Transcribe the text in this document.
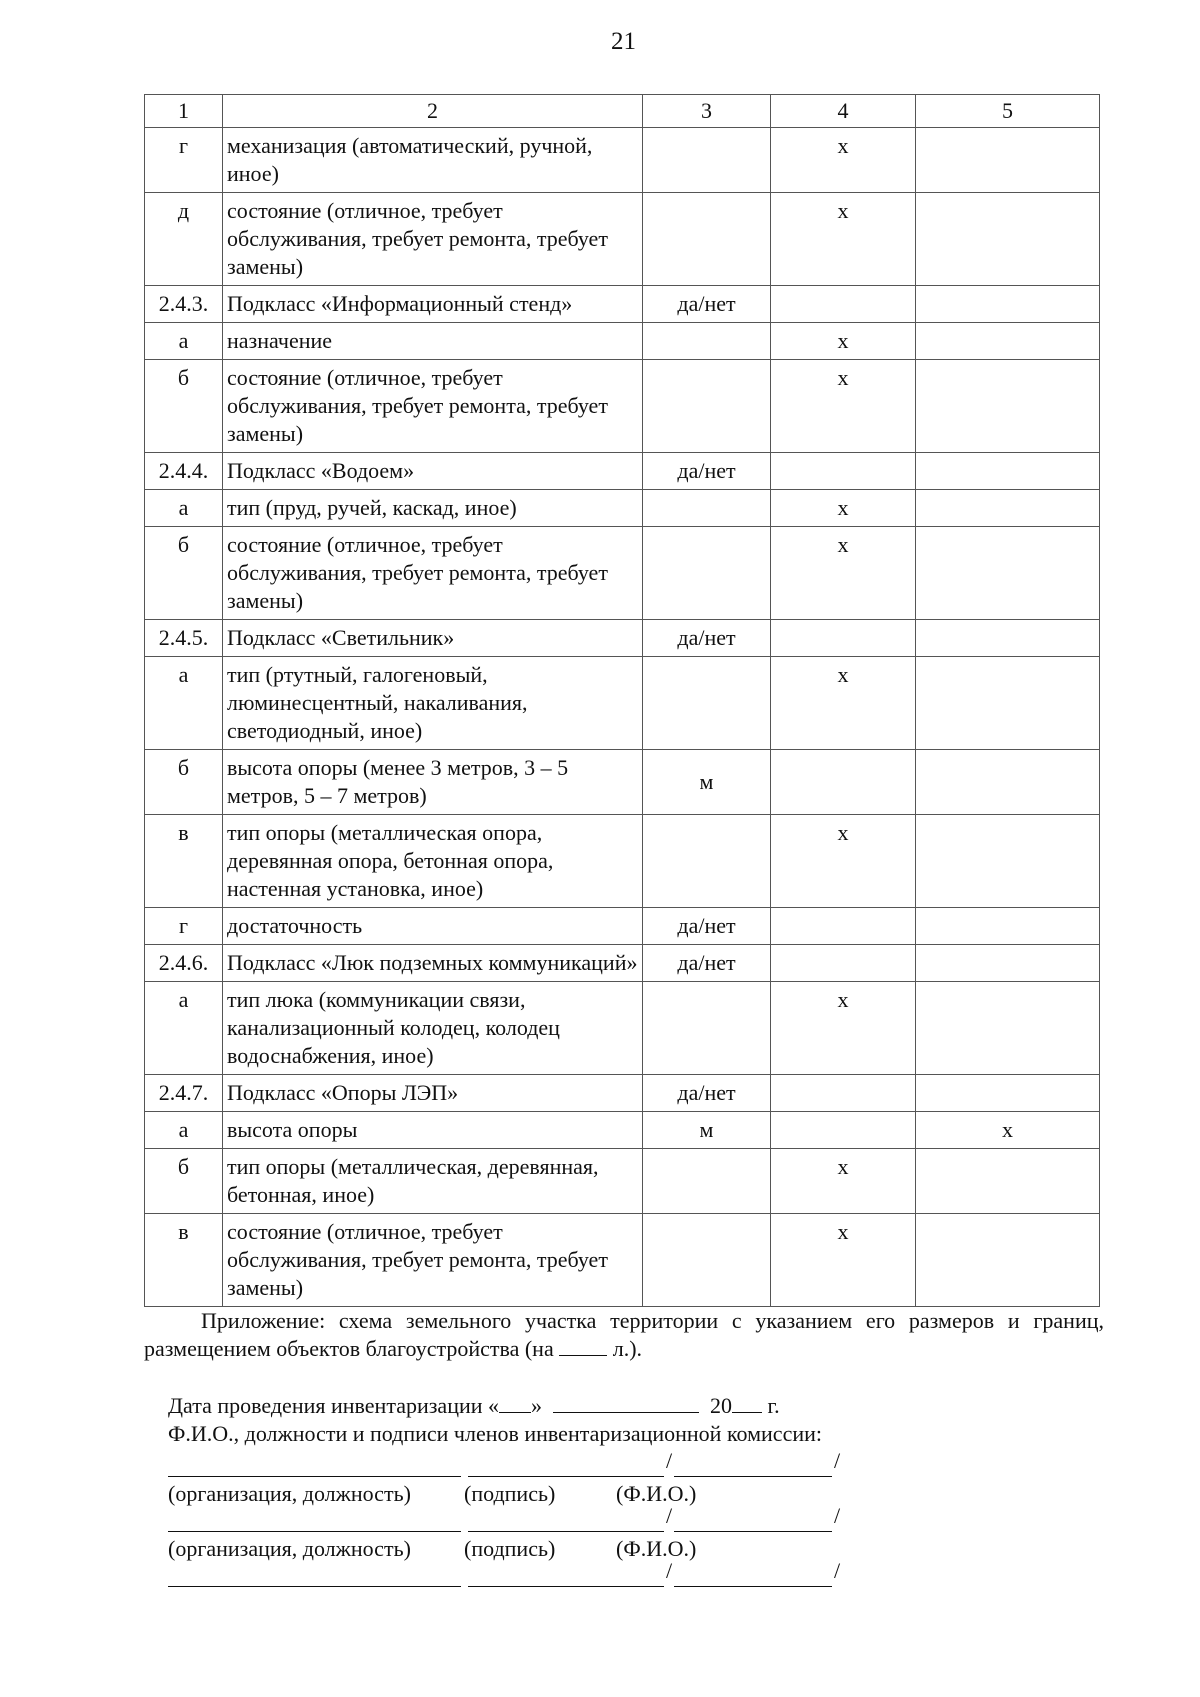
21
1	2	3	4	5
г	механизация (автоматический, ручной, иное)		х	
д	состояние (отличное, требует обслуживания, требует ремонта, требует замены)		х	
2.4.3.	Подкласс «Информационный стенд»	да/нет		
а	назначение		х	
б	состояние (отличное, требует обслуживания, требует ремонта, требует замены)		х	
2.4.4.	Подкласс «Водоем»	да/нет		
а	тип (пруд, ручей, каскад, иное)		х	
б	состояние (отличное, требует обслуживания, требует ремонта, требует замены)		х	
2.4.5.	Подкласс «Светильник»	да/нет		
а	тип (ртутный, галогеновый, люминесцентный, накаливания, светодиодный, иное)		х	
б	высота опоры (менее 3 метров, 3 – 5 метров, 5 – 7 метров)	м		
в	тип опоры (металлическая опора, деревянная опора, бетонная опора, настенная установка, иное)		х	
г	достаточность	да/нет		
2.4.6.	Подкласс «Люк подземных коммуникаций»	да/нет		
а	тип люка (коммуникации связи, канализационный колодец, колодец водоснабжения, иное)		х	
2.4.7.	Подкласс «Опоры ЛЭП»	да/нет		
а	высота опоры	м		х
б	тип опоры (металлическая, деревянная, бетонная, иное)		х	
в	состояние (отличное, требует обслуживания, требует ремонта, требует замены)		х	
Приложение: схема земельного участка территории с указанием его размеров и границ, размещением объектов благоустройства (на  л.).
Дата проведения инвентаризации « »	20 г.
Ф.И.О., должности и подписи членов инвентаризационной комиссии:
/	/
(организация, должность) (подпись)	(Ф.И.О.)
/	/
(организация, должность) (подпись)	(Ф.И.О.)
/	/
